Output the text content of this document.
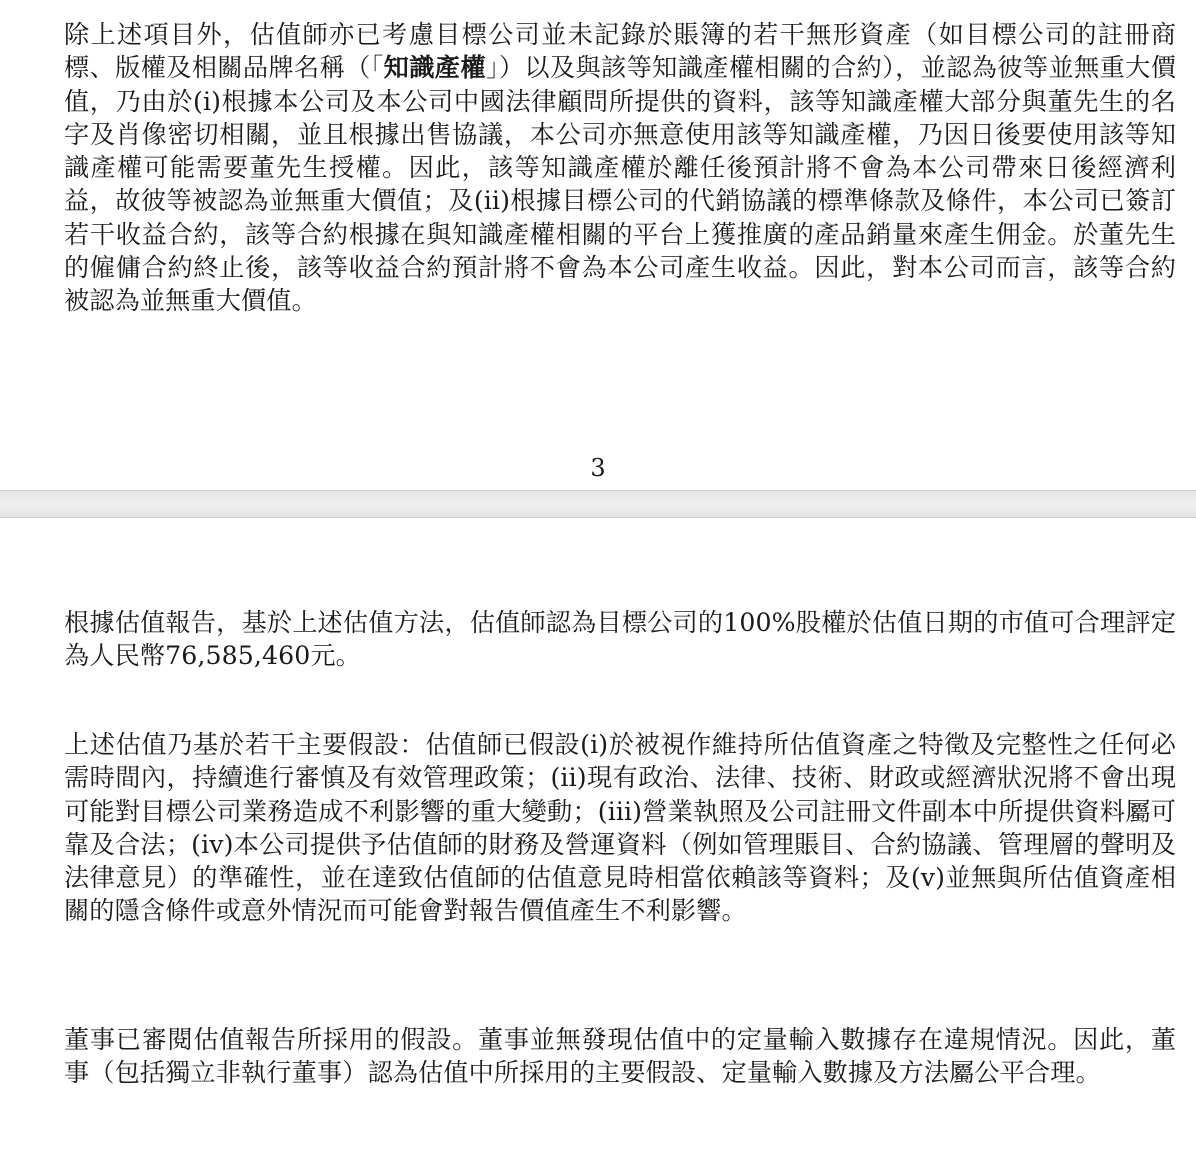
除上述項目外，估值師亦已考慮目標公司並未記錄於賬簿的若干無形資產（如目標公司的註冊商標、版權及相關品牌名稱（「知識產權」）以及與該等知識產權相關的合約），並認為彼等並無重大價值，乃由於(i)根據本公司及本公司中國法律顧問所提供的資料，該等知識產權大部分與董先生的名字及肖像密切相關，並且根據出售協議，本公司亦無意使用該等知識產權，乃因日後要使用該等知識產權可能需要董先生授權。因此，該等知識產權於離任後預計將不會為本公司帶來日後經濟利益，故彼等被認為並無重大價值；及(ii)根據目標公司的代銷協議的標準條款及條件，本公司已簽訂若干收益合約，該等合約根據在與知識產權相關的平台上獲推廣的產品銷量來產生佣金。於董先生的僱傭合約終止後，該等收益合約預計將不會為本公司產生收益。因此，對本公司而言，該等合約被認為並無重大價值。

3

根據估值報告，基於上述估值方法，估值師認為目標公司的100%股權於估值日期的市值可合理評定為人民幣76,585,460元。

上述估值乃基於若干主要假設：估值師已假設(i)於被視作維持所估值資產之特徵及完整性之任何必需時間內，持續進行審慎及有效管理政策；(ii)現有政治、法律、技術、財政或經濟狀況將不會出現可能對目標公司業務造成不利影響的重大變動；(iii)營業執照及公司註冊文件副本中所提供資料屬可靠及合法；(iv)本公司提供予估值師的財務及營運資料（例如管理賬目、合約協議、管理層的聲明及法律意見）的準確性，並在達致估值師的估值意見時相當依賴該等資料；及(v)並無與所估值資產相關的隱含條件或意外情況而可能會對報告價值產生不利影響。

董事已審閱估值報告所採用的假設。董事並無發現估值中的定量輸入數據存在違規情況。因此，董事（包括獨立非執行董事）認為估值中所採用的主要假設、定量輸入數據及方法屬公平合理。
